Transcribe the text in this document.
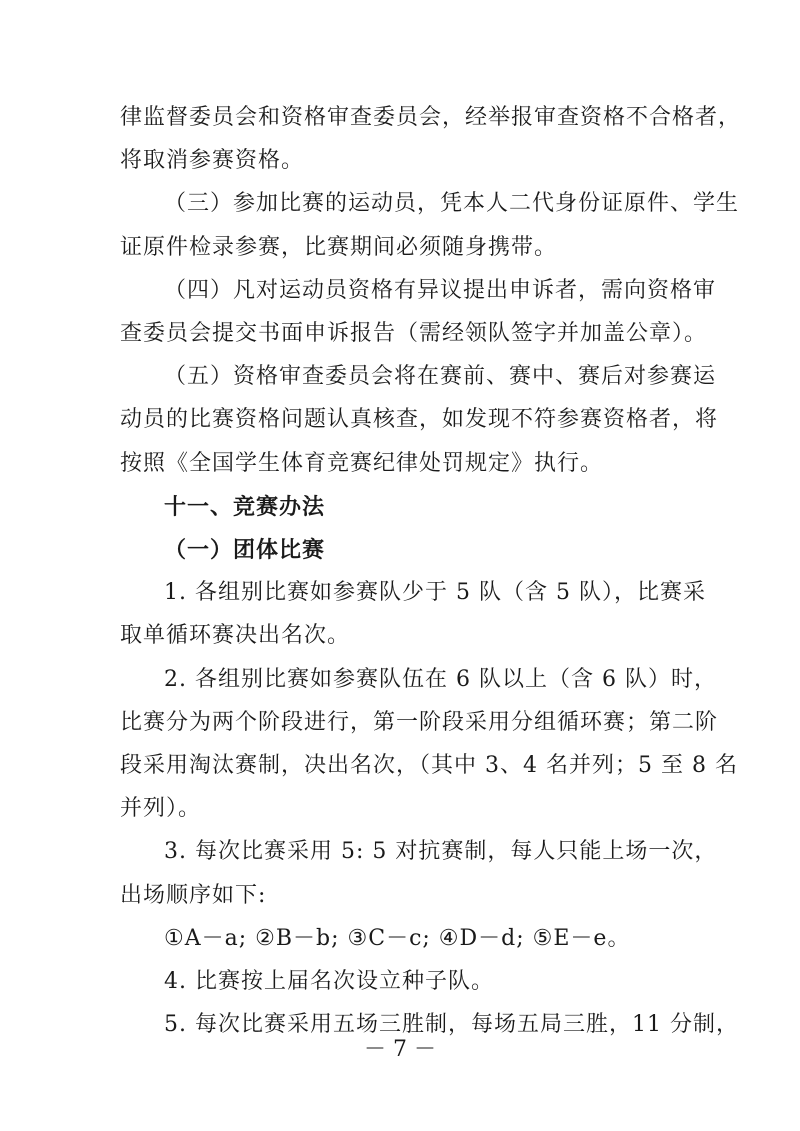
律监督委员会和资格审查委员会，经举报审查资格不合格者，
将取消参赛资格。
（三）参加比赛的运动员，凭本人二代身份证原件、学生
证原件检录参赛，比赛期间必须随身携带。
（四）凡对运动员资格有异议提出申诉者，需向资格审
查委员会提交书面申诉报告（需经领队签字并加盖公章）。
（五）资格审查委员会将在赛前、赛中、赛后对参赛运
动员的比赛资格问题认真核查，如发现不符参赛资格者，将
按照《全国学生体育竞赛纪律处罚规定》执行。
十一、竞赛办法
（一）团体比赛
1. 各组别比赛如参赛队少于 5 队（含 5 队），比赛采
取单循环赛决出名次。
2. 各组别比赛如参赛队伍在 6 队以上（含 6 队）时，
比赛分为两个阶段进行，第一阶段采用分组循环赛；第二阶
段采用淘汰赛制，决出名次，（其中 3、4 名并列；5 至 8 名
并列）。
3. 每次比赛采用 5: 5 对抗赛制，每人只能上场一次，
出场顺序如下:
①A－a; ②B－b; ③C－c; ④D－d; ⑤E－e。
4. 比赛按上届名次设立种子队。
5. 每次比赛采用五场三胜制，每场五局三胜，11 分制，
－ 7 －
